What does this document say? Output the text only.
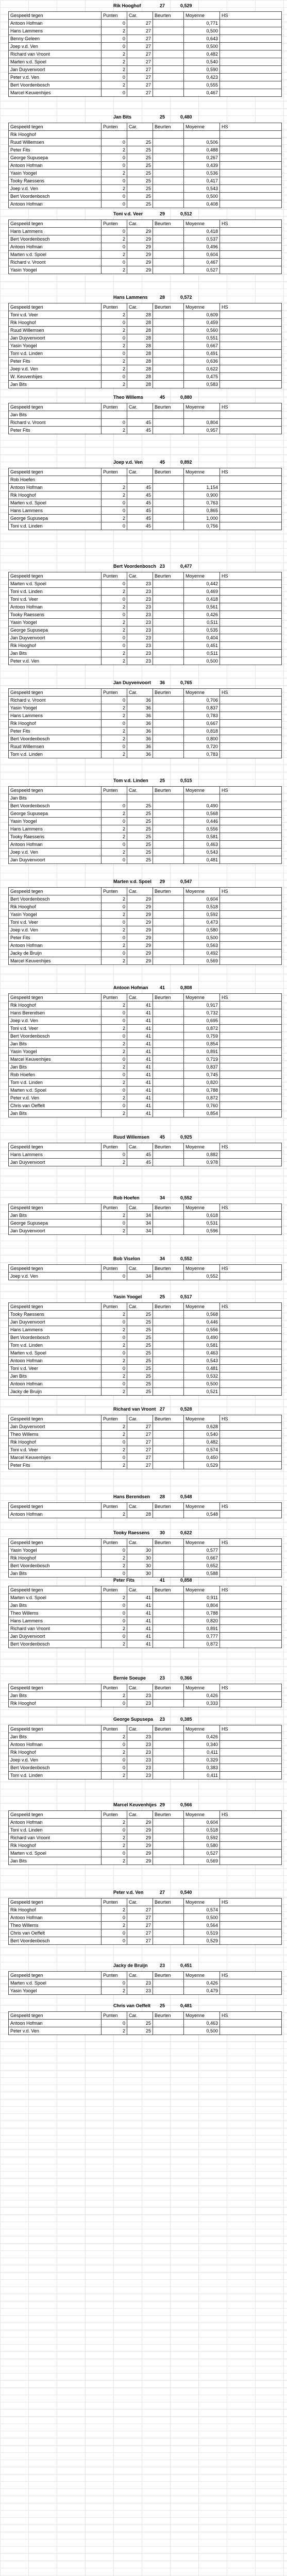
Rik Hooghof	27	0,529
Gespeeld tegen	Punten	Car.	Beurten	Moyenne	HS
Antoon Hofman	0	27		0,771	
Hans Lammens	2	27		0,500	
Benny Geleen	0	27		0,643	
Joep v.d. Ven	0	27		0,500	
Richard van Vroont	2	27		0,482	
Marten v.d. Spoel	2	27		0,540	
Jan Duyvenvoort	2	27		0,590	
Peter v.d. Ven	0	27		0,423	
Bert Voordenbosch	2	27		0,555	
Marcel Keuvenhijes	0	27		0,467	
Jan Bits	25	0,480
Gespeeld tegen	Punten	Car.	Beurten	Moyenne	HS
Rik Hooghof					
Ruud Willemsen	0	25		0,506	
Peter Fits	2	25		0,488	
George Supusepa	0	25		0,267	
Antoon Hofman	0	25		0,439	
Yasin Yoogel	2	25		0,536	
Tooky Raessens	0	25		0,417	
Joep v.d. Ven	2	25		0,543	
Bert Voordenbosch	0	25		0,500	
Antoon Hofman	0	25		0,408	
Toni v.d. Veer	29	0,512
Gespeeld tegen	Punten	Car.	Beurten	Moyenne	HS
Hans Lammens	0	29		0,418	
Bert Voordenbosch	2	29		0,537	
Antoon Hofman	0	29		0,496	
Marten v.d. Spoel	2	29		0,604	
Richard v. Vroont	0	29		0,467	
Yasin Yoogel	2	29		0,527	
Hans Lammens	28	0,572
Gespeeld tegen	Punten	Car.	Beurten	Moyenne	HS
Toni v.d. Veer	2	28		0,609	
Rik Hooghof	0	28		0,459	
Ruud Willemsen	2	28		0,560	
Jan Duyvenvoort	0	28		0,551	
Yasin Yoogel	2	28		0,667	
Tom v.d. Linden	0	28		0,491	
Peter Fits	2	28		0,636	
Joep v.d. Ven	2	28		0,622	
W. Keuvenhijes	0	28		0,475	
Jan Bits	2	28		0,583	
Theo Willems	45	0,880
Gespeeld tegen	Punten	Car.	Beurten	Moyenne	HS
Jan Bits					
Richard v. Vroont	0	45		0,804	
Peter Fits	2	45		0,957	
Joep v.d. Ven	45	0,892
Gespeeld tegen	Punten	Car.	Beurten	Moyenne	HS
Rob Hoefen					
Antoon Hofman	2	45		1,154	
Rik Hooghof	2	45		0,900	
Marten v.d. Spoel	0	45		0,763	
Hans Lammens	0	45		0,865	
George Supusepa	2	45		1,000	
Toni v.d. Linden	0	45		0,756	
Bert Voordenbosch 23	0,477
Gespeeld tegen	Punten	Car.	Beurten	Moyenne	HS
Marten v.d. Spoel	0	23		0,442	
Toni v.d. Linden	2	23		0,469	
Toni v.d. Veer	0	23		0,418	
Antoon Hofman	2	23		0,561	
Tooky Raessens	0	23		0,426	
Yasin Yoogel	2	23		0,511	
George Supusepa	2	23		0,535	
Jan Duyvenvoort	0	23		0,404	
Rik Hooghof	0	23		0,451	
Jan Bits	2	23		0,511	
Peter v.d. Ven	2	23		0,500	
Jan Duyvenvoort 36	0,765
Gespeeld tegen	Punten	Car.	Beurten	Moyenne	HS
Richard v. Vroont	0	36		0,706	
Yasin Yoogel	2	36		0,837	
Hans Lammens	2	36		0,783	
Rik Hooghof	0	36		0,667	
Peter Fits	2	36		0,818	
Bert Voordenbosch	2	36		0,800	
Ruud Willemsen	0	36		0,720	
Tom v.d. Linden	2	36		0,783	
Tom v.d. Linden 25	0,515
Gespeeld tegen	Punten	Car.	Beurten	Moyenne	HS
Jan Bits					
Bert Voordenbosch	0	25		0,490	
George Supusepa	2	25		0,568	
Yasin Yoogel	0	25		0,446	
Hans Lammens	2	25		0,556	
Tooky Raessens	2	25		0,581	
Antoon Hofman	0	25		0,463	
Joep v.d. Ven	2	25		0,543	
Jan Duyvenvoort	0	25		0,481	
Marten v.d. Spoel 29	0,547
Gespeeld tegen	Punten	Car.	Beurten	Moyenne	HS
Bert Voordenbosch	2	29		0,604	
Rik Hooghof	0	29		0,518	
Yasin Yoogel	2	29		0,592	
Toni v.d. Veer	0	29		0,473	
Joep v.d. Ven	2	29		0,580	
Peter Fits	0	29		0,500	
Antoon Hofman	2	29		0,563	
Jacky de Bruijn	0	29		0,492	
Marcel Keuvenhijes	2	29		0,569	
Antoon Hofman	41	0,808
Gespeeld tegen	Punten	Car.	Beurten	Moyenne	HS
Rik Hooghof	2	41		0,917	
Hans Berendsen	0	41		0,732	
Joep v.d. Ven	0	41		0,695	
Toni v.d. Veer	2	41		0,872	
Bert Voordenbosch	0	41		0,759	
Jan Bits	2	41		0,854	
Yasin Yoogel	2	41		0,891	
Marcel Keuvenhijes	0	41		0,719	
Jan Bits	2	41		0,837	
Rob Hoefen	0	41		0,745	
Tom v.d. Linden	2	41		0,820	
Marten v.d. Spoel	0	41		0,788	
Peter v.d. Ven	2	41		0,872	
Chris van Oeffelt	0	41		0,760	
Jan Bits	2	41		0,854	
Ruud Willemsen 45	0,925
Gespeeld tegen	Punten	Car.	Beurten	Moyenne	HS
Hans Lammens	0	45		0,882	
Jan Duyvenvoort	2	45		0,978	
Rob Hoefen	34	0,552
Gespeeld tegen	Punten	Car.	Beurten	Moyenne	HS
Jan Bits	2	34		0,618	
George Supusepa	0	34		0,531	
Jan Duyvenvoort	2	34		0,596	
Bob Viselon	34	0,552
Gespeeld tegen	Punten	Car.	Beurten	Moyenne	HS
Joep v.d. Ven	0	34		0,552	
Yasin Yoogel	25	0,517
Gespeeld tegen	Punten	Car.	Beurten	Moyenne	HS
Tooky Raessens	2	25		0,568	
Jan Duyvenvoort	0	25		0,446	
Hans Lammens	2	25		0,556	
Bert Voordenbosch	0	25		0,490	
Tom v.d. Linden	2	25		0,581	
Marten v.d. Spoel	0	25		0,463	
Antoon Hofman	2	25		0,543	
Toni v.d. Veer	0	25		0,481	
Jan Bits	2	25		0,532	
Antoon Hofman	0	25		0,500	
Jacky de Bruijn	2	25		0,521	
Richard van Vroont 27	0,528
Gespeeld tegen	Punten	Car.	Beurten	Moyenne	HS
Jan Duyvenvoort	2	27		0,628	
Theo Willems	2	27		0,540	
Rik Hooghof	0	27		0,482	
Toni v.d. Veer	2	27		0,574	
Marcel Keuvenhijes	0	27		0,450	
Peter Fits	2	27		0,529	
Hans Berendsen 28	0,548
Gespeeld tegen	Punten	Car.	Beurten	Moyenne	HS
Antoon Hofman	2	28		0,548	
Tooky Raessens 30	0,622
Gespeeld tegen	Punten	Car.	Beurten	Moyenne	HS
Yasin Yoogel	0	30		0,577	
Rik Hooghof	2	30		0,667	
Bert Voordenbosch	2	30		0,652	
Jan Bits	0	30		0,588	
Peter Fits	41	0,858
Gespeeld tegen	Punten	Car.	Beurten	Moyenne	HS
Marten v.d. Spoel	2	41		0,911	
Jan Bits	0	41		0,804	
Theo Willems	0	41		0,788	
Hans Lammens	0	41		0,820	
Richard van Vroont	2	41		0,891	
Jan Duyvenvoort	0	41		0,777	
Bert Voordenbosch	2	41		0,872	
Bernie Soeupe	23	0,366
Gespeeld tegen	Punten	Car.	Beurten	Moyenne	HS
Jan Bits	2	23		0,426	
Rik Hooghof	0	23		0,333	
George Supusepa 23	0,385
Gespeeld tegen	Punten	Car.	Beurten	Moyenne	HS
Jan Bits	2	23		0,426	
Antoon Hofman	0	23		0,340	
Rik Hooghof	2	23		0,411	
Joep v.d. Ven	0	23		0,329	
Bert Voordenbosch	0	23		0,383	
Tom v.d. Linden	2	23		0,411	
Marcel Keuvenhijes 29	0,566
Gespeeld tegen	Punten	Car.	Beurten	Moyenne	HS
Antoon Hofman	2	29		0,604	
Toni v.d. Linden	0	29		0,518	
Richard van Vroont	2	29		0,592	
Rik Hooghof	2	29		0,580	
Marten v.d. Spoel	0	29		0,527	
Jan Bits	2	29		0,569	
Peter v.d. Ven	27	0,540
Gespeeld tegen	Punten	Car.	Beurten	Moyenne	HS
Rik Hooghof	2	27		0,574	
Antoon Hofman	0	27		0,500	
Theo Willems	2	27		0,564	
Chris van Oeffelt	0	27		0,519	
Bert Voordenbosch	0	27		0,529	
Jacky de Bruijn	23	0,451
Gespeeld tegen	Punten	Car.	Beurten	Moyenne	HS
Marten v.d. Spoel	0	23		0,426	
Yasin Yoogel	2	23		0,479	
Chris van Oeffelt 25	0,481
Gespeeld tegen	Punten	Car.	Beurten	Moyenne	HS
Antoon Hofman	0	25		0,463	
Peter v.d. Ven	2	25		0,500	
